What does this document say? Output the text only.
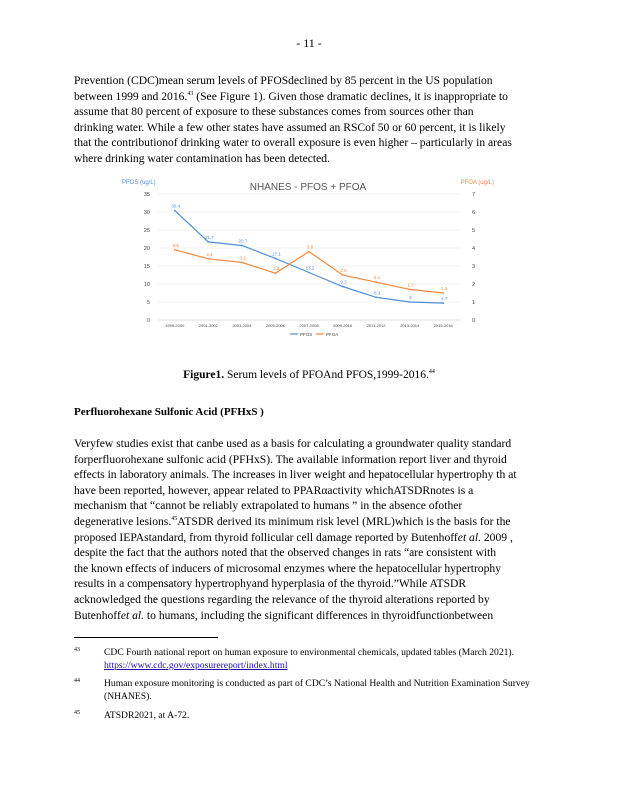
- 11 -

Prevention (CDC)mean serum levels of PFOSdeclined by 85 percent in the US population
between 1999 and 2016.43 (See Figure 1). Given those dramatic declines, it is inappropriate to
assume that 80 percent of exposure to these substances comes from sources other than
drinking water. While a few other states have assumed an RSCof 50 or 60 percent, it is likely
that the contributionof drinking water to overall exposure is even higher – particularly in areas
where drinking water contamination has been detected.

0
5
10
15
20
25
30
35
0
1
2
3
4
5
6
7
1999-2000	2001-2002	2003-2004	2005-2006	2007-2008	2009-2010	2011-2012	2013-2014	2015-2016
30.4
21.7
20.7
17.1
13.2
9.3
6.3
5	4.7
3.9
3.4
3.2
2.6
3.8
2.5
2.1
1.7
1.5
NHANES - PFOS + PFOA
PFOS (ug/L)	PFOA (ug/L)
PFOS	PFOA
Figure1. Serum levels of PFOAnd PFOS,1999-2016.44
Perfluorohexane Sulfonic Acid (PFHxS )

Veryfew studies exist that canbe used as a basis for calculating a groundwater quality standard
forperfluorohexane sulfonic acid (PFHxS). The available information report liver and thyroid
effects in laboratory animals. The increases in liver weight and hepatocellular hypertrophy th at
have been reported, however, appear related to PPARαactivity whichATSDRnotes is a
mechanism that “cannot be reliably extrapolated to humans ” in the absence ofother
degenerative lesions.$^{45}$ATSDR derived its minimum risk level (MRL)which is the basis for the
proposed IEPAstandard, from thyroid follicular cell damage reported by Butenhoffet al. 2009 ,
despite the fact that the authors noted that the observed changes in rats “are consistent with
the known effects of inducers of microsomal enzymes where the hepatocellular hypertrophy
results in a compensatory hypertrophyand hyperplasia of the thyroid.”While ATSDR
acknowledged the questions regarding the relevance of the thyroid alterations reported by
Butenhoffet al. to humans, including the significant differences in thyroidfunctionbetween

43	CDC Fourth national report on human exposure to environmental chemicals, updated tables (March 2021).
https://www.cdc.gov/exposurereport/index.html
44	Human exposure monitoring is conducted as part of CDC’s National Health and Nutrition Examination Survey (NHANES).
45	ATSDR2021, at A-72.
